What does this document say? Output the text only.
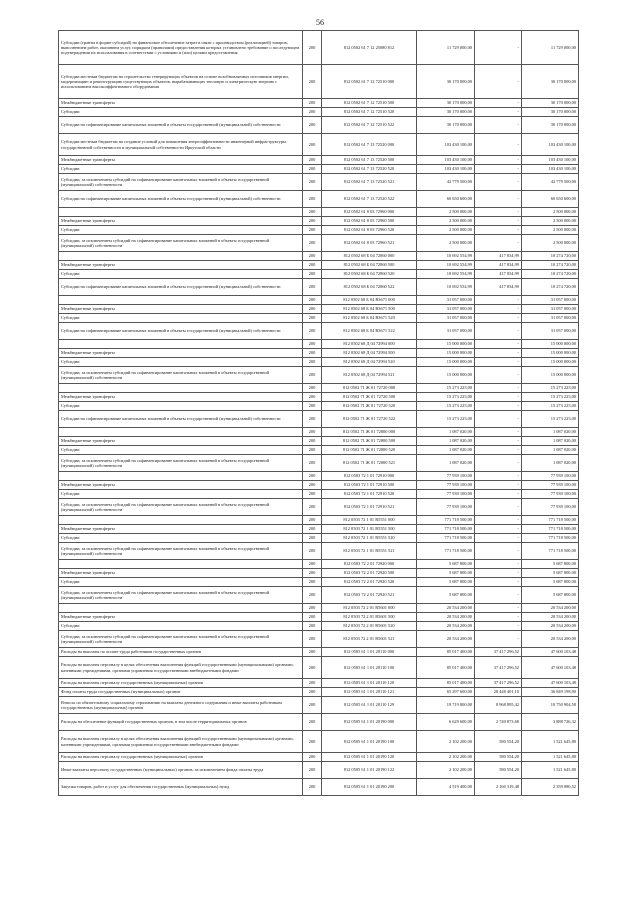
56
Субсидии (гранты в форме субсидий) на финансовое обеспечение затрат в связи с производством (реализацией) товаров, выполнением работ, оказанием услуг, порядком (правилами) предоставления которых установлено требование о последующем подтверждении их использования в соответствии с условиями и (или) целями предоставления	200	812 0502 61 7 12 25080 812	11 729 000,00	-	11 729 000,00
Субсидии местным бюджетам на строительство генерирующих объектов на основе возобновляемых источников энергии, модернизацию и реконструкцию существующих объектов, вырабатывающих тепловую и электрическую энергию с использованием высокоэффективного оборудования	200	812 0502 61 7 12 72510 000	30 170 000,00	-	30 170 000,00
Межбюджетные трансферты	200	812 0502 61 7 12 72510 500	30 170 000,00	-	30 170 000,00
Субсидии	200	812 0502 61 7 12 72510 520	30 170 000,00	-	30 170 000,00
Субсидии на софинансирование капитальных вложений в объекты государственной (муниципальной) собственности	200	812 0502 61 7 12 72510 522	30 170 000,00	-	30 170 000,00
Субсидии местным бюджетам на создание условий для повышения энергоэффективности инженерной инфраструктуры государственной собственности и муниципальной собственности Иркутской области	200	812 0502 61 7 13 72520 000	103 430 100,00	-	103 430 100,00
Межбюджетные трансферты	200	812 0502 61 7 13 72520 500	103 430 100,00	-	103 430 100,00
Субсидии	200	812 0502 61 7 13 72520 520	103 430 100,00	-	103 430 100,00
Субсидии, за исключением субсидий на софинансирование капитальных вложений в объекты государственной (муниципальной) собственности	200	812 0502 61 7 13 72520 521	42 779 500,00	-	42 779 500,00
Субсидии на софинансирование капитальных вложений в объекты государственной (муниципальной) собственности	200	812 0502 61 7 13 72520 522	60 650 600,00	-	60 650 600,00
	200	812 0502 61 8 03 72960 000	2 500 000,00	-	2 500 000,00
Межбюджетные трансферты	200	812 0502 61 8 03 72960 500	2 500 000,00	-	2 500 000,00
Субсидии	200	812 0502 61 8 03 72960 520	2 500 000,00	-	2 500 000,00
Субсидии, за исключением субсидий на софинансирование капитальных вложений в объекты государственной (муниципальной) собственности	200	812 0502 61 8 03 72960 521	2 500 000,00	-	2 500 000,00
	200	812 0502 68 Б 04 72860 000	10 692 554,99	417 834,99	10 274 720,00
Межбюджетные трансферты	200	812 0502 68 Б 04 72860 500	10 692 554,99	417 834,99	10 274 720,00
Субсидии	200	812 0502 68 Б 04 72860 520	10 692 554,99	417 834,99	10 274 720,00
Субсидии на софинансирование капитальных вложений в объекты государственной (муниципальной) собственности	200	812 0502 68 Б 04 72860 522	10 692 554,99	417 834,99	10 274 720,00
	200	812 0502 68 Б 04 R3671 000	31 057 000,00	-	31 057 000,00
Межбюджетные трансферты	200	812 0502 68 Б 04 R3671 500	31 057 000,00	-	31 057 000,00
Субсидии	200	812 0502 68 Б 04 R3671 520	31 057 000,00	-	31 057 000,00
Субсидии на софинансирование капитальных вложений в объекты государственной (муниципальной) собственности	200	812 0502 68 Б 04 R3671 522	31 057 000,00	-	31 057 000,00
	200	812 0502 68 Д 04 72994 000	15 000 000,00	-	15 000 000,00
Межбюджетные трансферты	200	812 0502 68 Д 04 72994 500	15 000 000,00	-	15 000 000,00
Субсидии	200	812 0502 68 Д 04 72994 520	15 000 000,00	-	15 000 000,00
Субсидии, за исключением субсидий на софинансирование капитальных вложений в объекты государственной (муниципальной) собственности	200	812 0502 68 Д 04 72994 521	15 000 000,00	-	15 000 000,00
	200	812 0502 71 Ж 01 72720 000	15 273 225,00	-	15 273 225,00
Межбюджетные трансферты	200	812 0502 71 Ж 01 72720 500	15 273 225,00	-	15 273 225,00
Субсидии	200	812 0502 71 Ж 01 72720 520	15 273 225,00	-	15 273 225,00
Субсидии на софинансирование капитальных вложений в объекты государственной (муниципальной) собственности	200	812 0502 71 Ж 01 72720 522	15 273 225,00	-	15 273 225,00
	200	812 0502 71 Ж 01 72800 000	1 087 020,00	-	1 087 020,00
Межбюджетные трансферты	200	812 0502 71 Ж 01 72800 500	1 087 020,00	-	1 087 020,00
Субсидии	200	812 0502 71 Ж 01 72800 520	1 087 020,00	-	1 087 020,00
Субсидии, за исключением субсидий на софинансирование капитальных вложений в объекты государственной (муниципальной) собственности	200	812 0502 71 Ж 01 72800 521	1 087 020,00	-	1 087 020,00
	200	812 0503 72 1 01 72910 000	77 939 100,00	-	77 939 100,00
Межбюджетные трансферты	200	812 0503 72 1 01 72910 500	77 939 100,00	-	77 939 100,00
Субсидии	200	812 0503 72 1 01 72910 520	77 939 100,00	-	77 939 100,00
Субсидии, за исключением субсидий на софинансирование капитальных вложений в объекты государственной (муниципальной) собственности	200	812 0503 72 1 01 72910 521	77 939 100,00	-	77 939 100,00
	200	812 0503 72 1 01 R5551 000	771 718 500,00	-	771 718 500,00
Межбюджетные трансферты	200	812 0503 72 1 01 R5551 500	771 718 500,00	-	771 718 500,00
Субсидии	200	812 0503 72 1 01 R5551 520	771 718 500,00	-	771 718 500,00
Субсидии, за исключением субсидий на софинансирование капитальных вложений в объекты государственной (муниципальной) собственности	200	812 0503 72 1 01 R5551 521	771 718 500,00	-	771 718 500,00
	200	812 0503 72 2 01 72920 000	5 687 800,00	-	5 687 800,00
Межбюджетные трансферты	200	812 0503 72 2 01 72920 500	5 687 800,00	-	5 687 800,00
Субсидии	200	812 0503 72 2 01 72920 520	5 687 800,00	-	5 687 800,00
Субсидии, за исключением субсидий на софинансирование капитальных вложений в объекты государственной (муниципальной) собственности	200	812 0503 72 2 01 72920 521	5 687 800,00	-	5 687 800,00
	200	812 0503 72 2 01 R5601 000	20 534 200,00	-	20 534 200,00
Межбюджетные трансферты	200	812 0503 72 2 01 R5601 500	20 534 200,00	-	20 534 200,00
Субсидии	200	812 0503 72 2 01 R5601 520	20 534 200,00	-	20 534 200,00
Субсидии, за исключением субсидий на софинансирование капитальных вложений в объекты государственной (муниципальной) собственности	200	812 0503 72 2 01 R5601 521	20 534 200,00	-	20 534 200,00
Расходы на выплаты по оплате труда работников государственных органов	200	812 0505 61 1 01 20110 000	85 017 400,00	37 417 296,52	47 600 103,48
Расходы на выплаты персоналу в целях обеспечения выполнения функций государственными (муниципальными) органами, казенными учреждениями, органами управления государственными внебюджетными фондами	200	812 0505 61 1 01 20110 100	85 017 400,00	37 417 296,52	47 600 103,48
Расходы на выплаты персоналу государственных (муниципальных) органов	200	812 0505 61 1 01 20110 120	85 017 400,00	37 417 296,52	47 600 103,48
Фонд оплаты труда государственных (муниципальных) органов	200	812 0505 61 1 01 20110 121	65 297 600,00	28 448 401,10	36 849 198,90
Взносы по обязательному социальному страхованию на выплаты денежного содержания и иные выплаты работникам государственных (муниципальных) органов	200	812 0505 61 1 01 20110 129	19 719 800,00	8 968 895,42	10 750 904,58
Расходы на обеспечение функций государственных органов, в том числе территориальных органов	200	812 0505 61 1 01 20190 000	6 629 600,00	2 740 873,68	3 888 726,32
Расходы на выплаты персоналу в целях обеспечения выполнения функций государственными (муниципальными) органами, казенными учреждениями, органами управления государственными внебюджетными фондами	200	812 0505 61 1 01 20190 100	2 102 200,00	580 554,20	1 521 645,80
Расходы на выплаты персоналу государственных (муниципальных) органов	200	812 0505 61 1 01 20190 120	2 102 200,00	580 554,20	1 521 645,80
Иные выплаты персоналу государственных (муниципальных) органов, за исключением фонда оплаты труда	200	812 0505 61 1 01 20190 122	2 102 200,00	580 554,20	1 521 645,80
Закупка товаров, работ и услуг для обеспечения государственных (муниципальных) нужд	200	812 0505 61 1 01 20190 200	4 519 400,00	2 160 319,48	2 359 080,52
